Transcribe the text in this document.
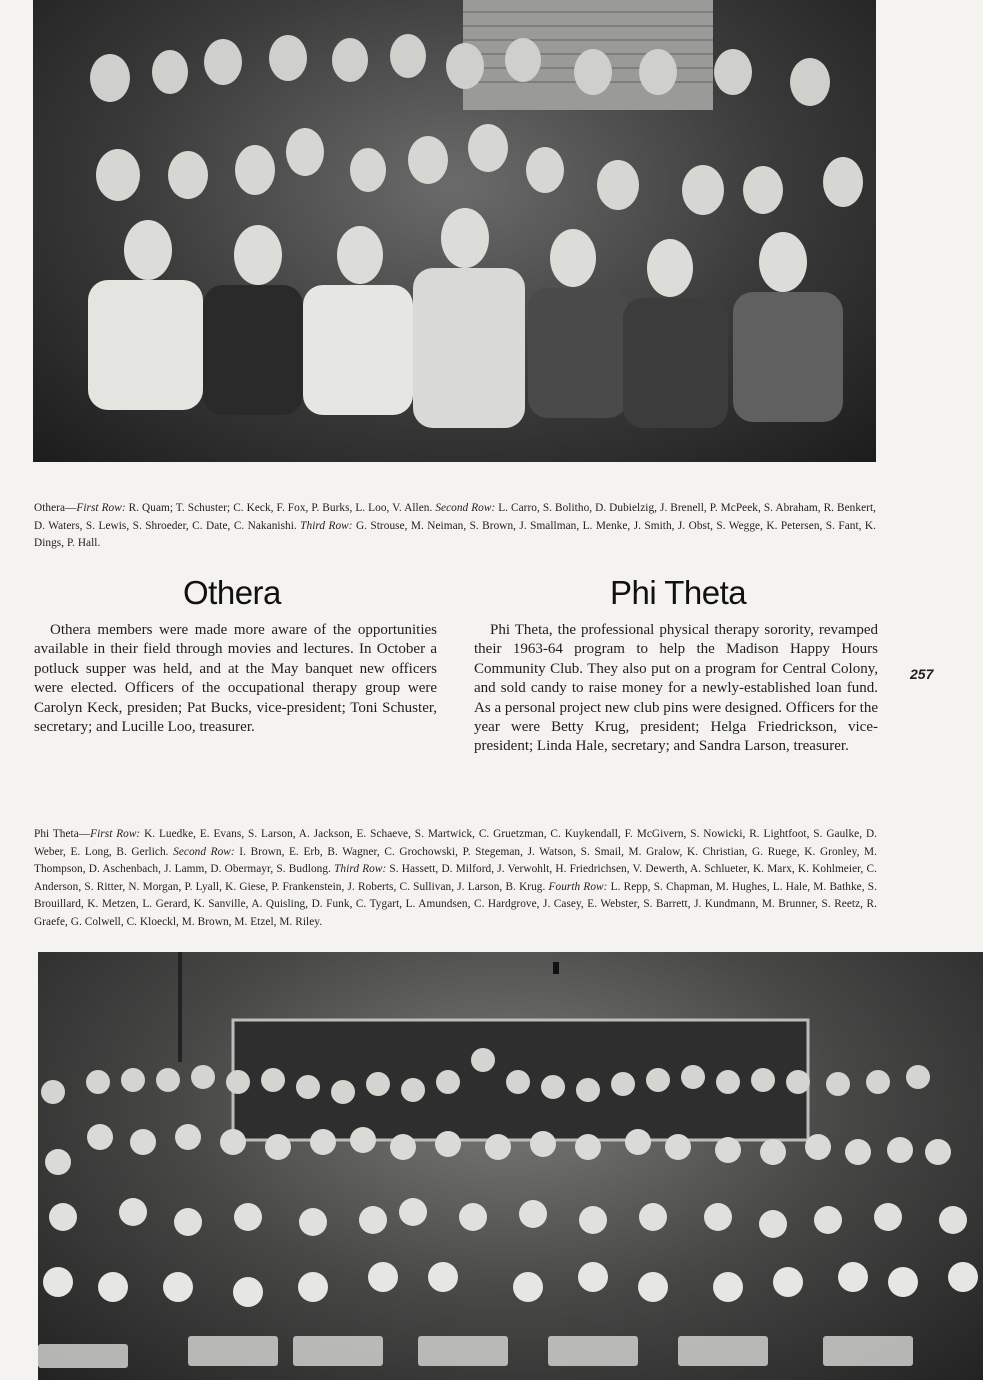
Othera—First Row: R. Quam; T. Schuster; C. Keck, F. Fox, P. Burks, L. Loo, V. Allen. Second Row: L. Carro, S. Bolitho, D. Dubielzig, J. Brenell, P. McPeek, S. Abraham, R. Benkert, D. Waters, S. Lewis, S. Shroeder, C. Date, C. Nakanishi. Third Row: G. Strouse, M. Neiman, S. Brown, J. Smallman, L. Menke, J. Smith, J. Obst, S. Wegge, K. Petersen, S. Fant, K. Dings, P. Hall.
Othera	Phi Theta

Othera members were made more aware of the opportunities available in their field through movies and lectures. In October a potluck supper was held, and at the May banquet new officers were elected. Officers of the occupational therapy group were Carolyn Keck, presiden; Pat Bucks, vice-president; Toni Schuster, secretary; and Lucille Loo, treasurer.

Phi Theta, the professional physical therapy sorority, revamped their 1963-64 program to help the Madison Happy Hours Community Club. They also put on a program for Central Colony, and sold candy to raise money for a newly-established loan fund. As a personal project new club pins were designed. Officers for the year were Betty Krug, president; Helga Friedrickson, vice-president; Linda Hale, secretary; and Sandra Larson, treasurer.

257
Phi Theta—First Row: K. Luedke, E. Evans, S. Larson, A. Jackson, E. Schaeve, S. Martwick, C. Gruetzman, C. Kuykendall, F. McGivern, S. Nowicki, R. Lightfoot, S. Gaulke, D. Weber, E. Long, B. Gerlich. Second Row: I. Brown, E. Erb, B. Wagner, C. Grochowski, P. Stegeman, J. Watson, S. Smail, M. Gralow, K. Christian, G. Ruege, K. Gronley, M. Thompson, D. Aschenbach, J. Lamm, D. Obermayr, S. Budlong. Third Row: S. Hassett, D. Milford, J. Verwohlt, H. Friedrichsen, V. Dewerth, A. Schlueter, K. Marx, K. Kohlmeier, C. Anderson, S. Ritter, N. Morgan, P. Lyall, K. Giese, P. Frankenstein, J. Roberts, C. Sullivan, J. Larson, B. Krug. Fourth Row: L. Repp, S. Chapman, M. Hughes, L. Hale, M. Bathke, S. Brouillard, K. Metzen, L. Gerard, K. Sanville, A. Quisling, D. Funk, C. Tygart, L. Amundsen, C. Hardgrove, J. Casey, E. Webster, S. Barrett, J. Kundmann, M. Brunner, S. Reetz, R. Graefe, G. Colwell, C. Kloeckl, M. Brown, M. Etzel, M. Riley.
